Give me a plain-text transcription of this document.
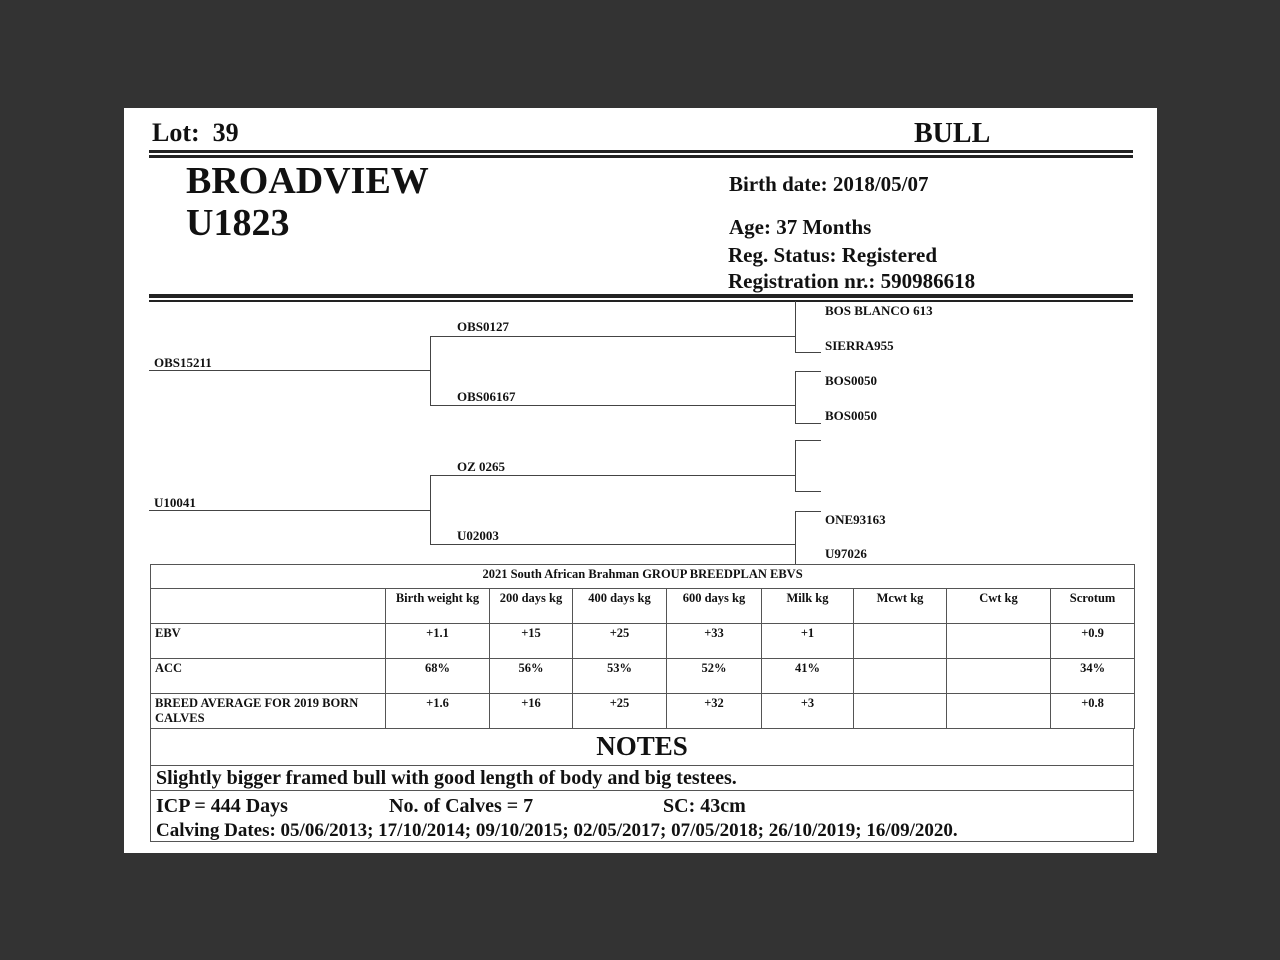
Lot: 39	BULL
BROADVIEW
U1823
Birth date: 2018/05/07
Age: 37 Months
Reg. Status: Registered
Registration nr.: 590986618
OBS15211
OBS0127
OBS06167
BOS BLANCO 613
SIERRA955
BOS0050
BOS0050
U10041
OZ 0265
U02003
ONE93163
U97026
2021 South African Brahman GROUP BREEDPLAN EBVS								
	Birth weight kg	200 days kg	400 days kg	600 days kg	Milk kg	Mcwt kg	Cwt kg	Scrotum
EBV	+1.1	+15	+25	+33	+1			+0.9
ACC	68%	56%	53%	52%	41%			34%
BREED AVERAGE FOR 2019 BORN CALVES	+1.6	+16	+25	+32	+3			+0.8
NOTES
Slightly bigger framed bull with good length of body and big testees.
ICP = 444 Days	No. of Calves = 7	SC: 43cm
Calving Dates: 05/06/2013; 17/10/2014; 09/10/2015; 02/05/2017; 07/05/2018; 26/10/2019; 16/09/2020.
